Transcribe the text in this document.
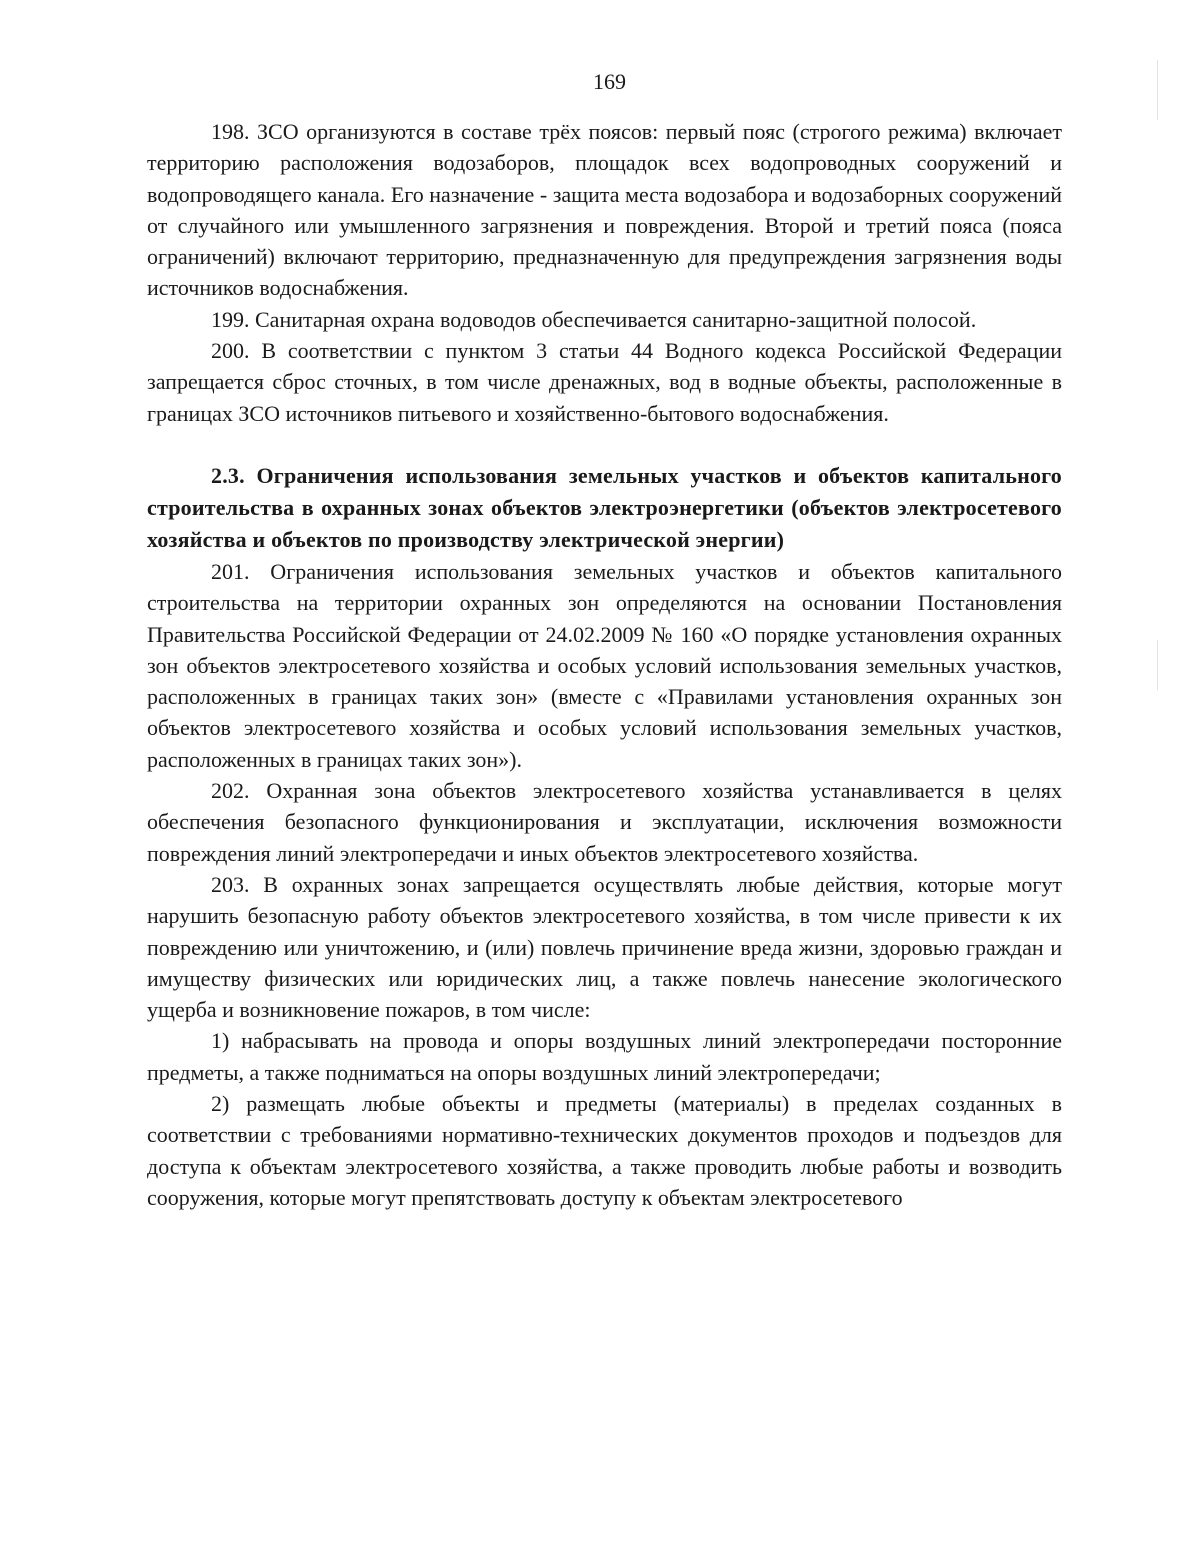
169

198. ЗСО организуются в составе трёх поясов: первый пояс (строгого режима) включает территорию расположения водозаборов, площадок всех водопроводных сооружений и водопроводящего канала. Его назначение - защита места водозабора и водозаборных сооружений от случайного или умышленного загрязнения и повреждения. Второй и третий пояса (пояса ограничений) включают территорию, предназначенную для предупреждения загрязнения воды источников водоснабжения.

199. Санитарная охрана водоводов обеспечивается санитарно-защитной полосой.

200. В соответствии с пунктом 3 статьи 44 Водного кодекса Российской Федерации запрещается сброс сточных, в том числе дренажных, вод в водные объекты, расположенные в границах ЗСО источников питьевого и хозяйственно-бытового водоснабжения.

2.3. Ограничения использования земельных участков и объектов капитального строительства в охранных зонах объектов электроэнергетики (объектов электросетевого хозяйства и объектов по производству электрической энергии)

201. Ограничения использования земельных участков и объектов капитального строительства на территории охранных зон определяются на основании Постановления Правительства Российской Федерации от 24.02.2009 № 160 «О порядке установления охранных зон объектов электросетевого хозяйства и особых условий использования земельных участков, расположенных в границах таких зон» (вместе с «Правилами установления охранных зон объектов электросетевого хозяйства и особых условий использования земельных участков, расположенных в границах таких зон»).

202. Охранная зона объектов электросетевого хозяйства устанавливается в целях обеспечения безопасного функционирования и эксплуатации, исключения возможности повреждения линий электропередачи и иных объектов электросетевого хозяйства.

203. В охранных зонах запрещается осуществлять любые действия, которые могут нарушить безопасную работу объектов электросетевого хозяйства, в том числе привести к их повреждению или уничтожению, и (или) повлечь причинение вреда жизни, здоровью граждан и имуществу физических или юридических лиц, а также повлечь нанесение экологического ущерба и возникновение пожаров, в том числе:

1) набрасывать на провода и опоры воздушных линий электропередачи посторонние предметы, а также подниматься на опоры воздушных линий электропередачи;

2) размещать любые объекты и предметы (материалы) в пределах созданных в соответствии с требованиями нормативно-технических документов проходов и подъездов для доступа к объектам электросетевого хозяйства, а также проводить любые работы и возводить сооружения, которые могут препятствовать доступу к объектам электросетевого
